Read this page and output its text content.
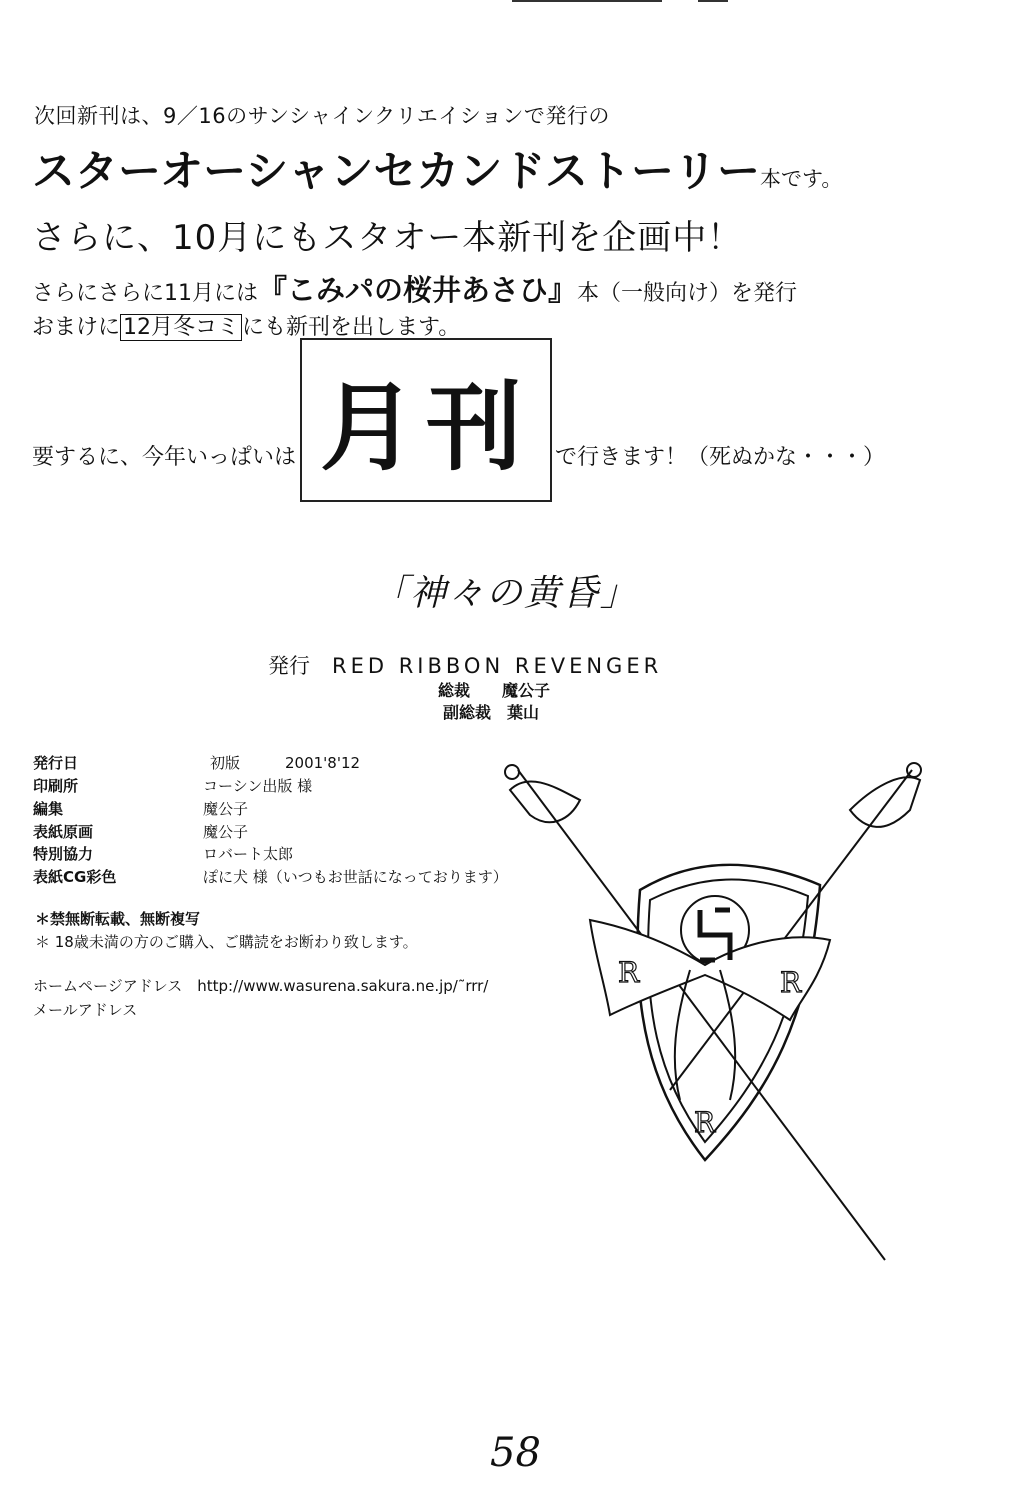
次回新刊は、9／16のサンシャインクリエイションで発行の
スターオーシャンセカンドストーリー本です。
さらに、10月にもスタオー本新刊を企画中！
さらにさらに11月には『こみパの桜井あさひ』本（一般向け）を発行
おまけに 12月冬コミ にも新刊を出します。
要するに、今年いっぱいは 月刊 で行きます！（死ぬかな・・・）
「神々の黄昏」
発行 RED RIBBON REVENGER
総裁　　魔公子
副総裁　葉山
発行日	初版　　　2001'8'12
印刷所	コーシン出版 様
編集	魔公子
表紙原画	魔公子
特別協力	ロバート太郎
表紙CG彩色	ぽに犬 様（いつもお世話になっております）
＊禁無断転載、無断複写
＊ 18歳未満の方のご購入、ご購読をお断わり致します。
ホームページアドレス　http://www.wasurena.sakura.ne.jp/˜rrr/
メールアドレス
R	R
R
58
